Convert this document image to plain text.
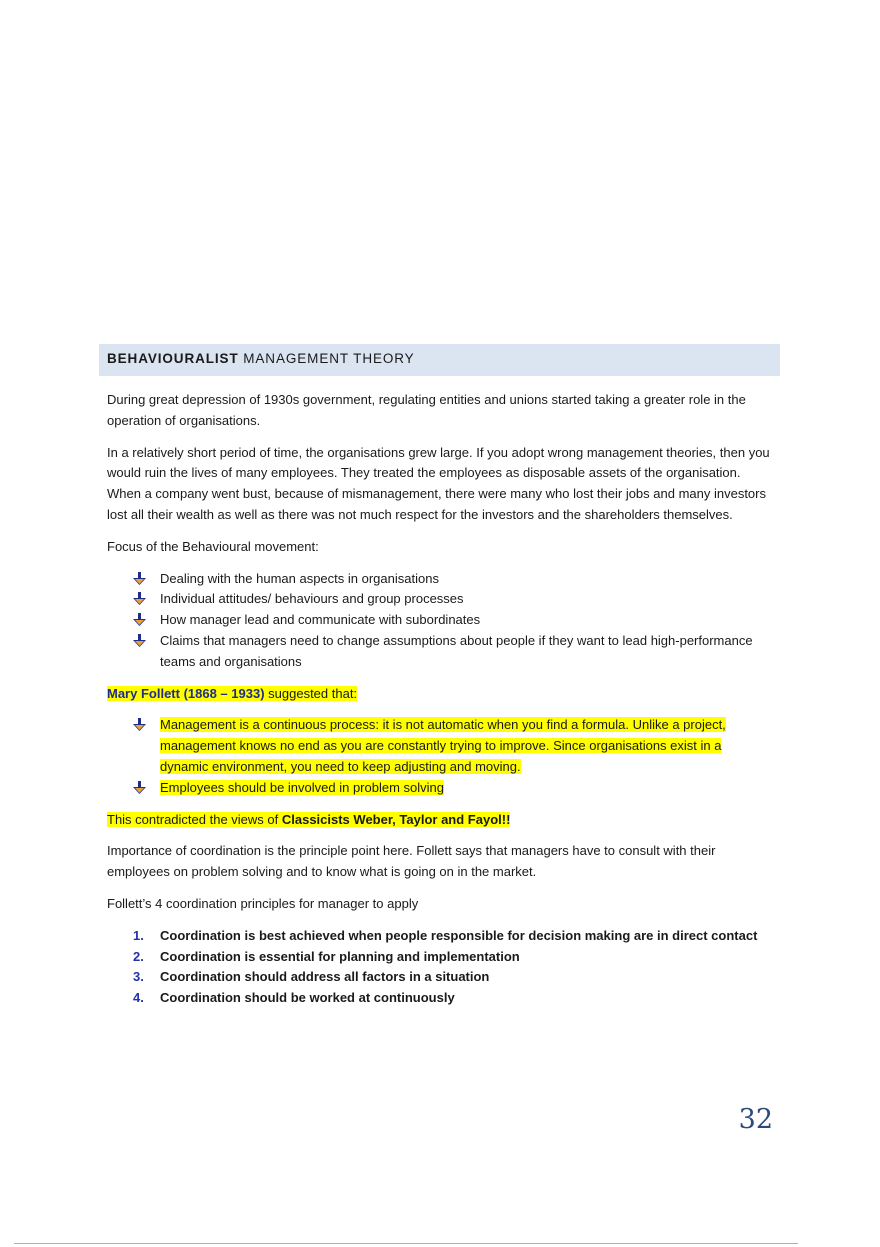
BEHAVIOURALIST MANAGEMENT THEORY

During great depression of 1930s government, regulating entities and unions started taking a greater role in the operation of organisations.

In a relatively short period of time, the organisations grew large. If you adopt wrong management theories, then you would ruin the lives of many employees. They treated the employees as disposable assets of the organisation. When a company went bust, because of mismanagement, there were many who lost their jobs and many investors lost all their wealth as well as there was not much respect for the investors and the shareholders themselves.

Focus of the Behavioural movement:

Dealing with the human aspects in organisations
Individual attitudes/ behaviours and group processes
How manager lead and communicate with subordinates
Claims that managers need to change assumptions about people if they want to lead high-performance teams and organisations

Mary Follett (1868 – 1933) suggested that:

Management is a continuous process: it is not automatic when you find a formula. Unlike a project, management knows no end as you are constantly trying to improve. Since organisations exist in a dynamic environment, you need to keep adjusting and moving.
Employees should be involved in problem solving

This contradicted the views of Classicists Weber, Taylor and Fayol!!

Importance of coordination is the principle point here. Follett says that managers have to consult with their employees on problem solving and to know what is going on in the market.

Follett’s 4 coordination principles for manager to apply

1. Coordination is best achieved when people responsible for decision making are in direct contact
2. Coordination is essential for planning and implementation
3. Coordination should address all factors in a situation
4. Coordination should be worked at continuously
32
